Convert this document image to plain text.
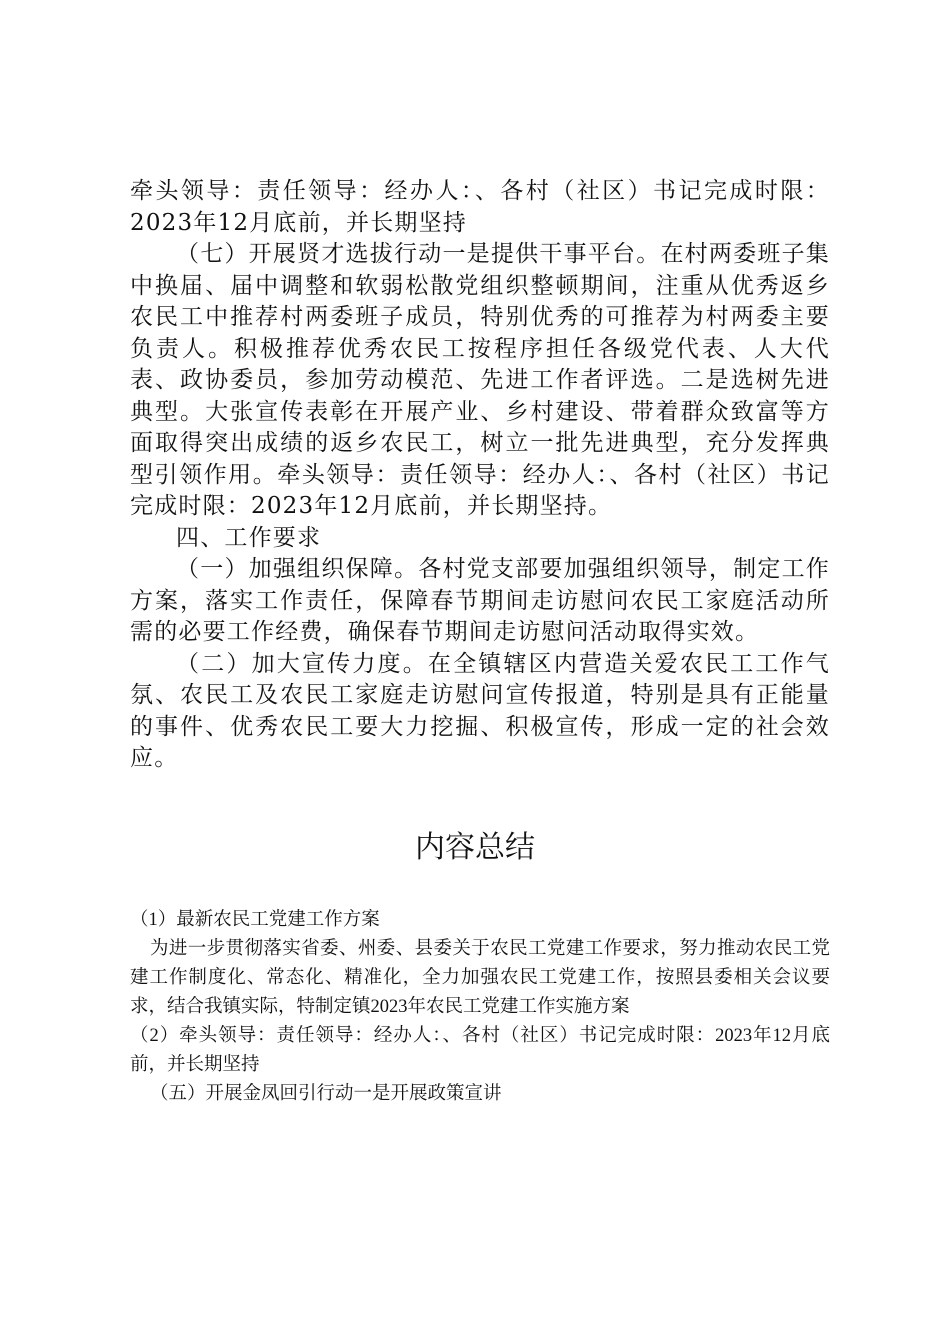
牵头领导：责任领导：经办人：、各村（社区）书记完成时限：2023年12月底前，并长期坚持

（七）开展贤才选拔行动一是提供干事平台。在村两委班子集中换届、届中调整和软弱松散党组织整顿期间，注重从优秀返乡农民工中推荐村两委班子成员，特别优秀的可推荐为村两委主要负责人。积极推荐优秀农民工按程序担任各级党代表、人大代表、政协委员，参加劳动模范、先进工作者评选。二是选树先进典型。大张宣传表彰在开展产业、乡村建设、带着群众致富等方面取得突出成绩的返乡农民工，树立一批先进典型，充分发挥典型引领作用。牵头领导：责任领导：经办人：、各村（社区）书记完成时限：2023年12月底前，并长期坚持。

四、工作要求

（一）加强组织保障。各村党支部要加强组织领导，制定工作方案，落实工作责任，保障春节期间走访慰问农民工家庭活动所需的必要工作经费，确保春节期间走访慰问活动取得实效。

（二）加大宣传力度。在全镇辖区内营造关爱农民工工作气氛、农民工及农民工家庭走访慰问宣传报道，特别是具有正能量的事件、优秀农民工要大力挖掘、积极宣传，形成一定的社会效应。

内容总结

（1）最新农民工党建工作方案

为进一步贯彻落实省委、州委、县委关于农民工党建工作要求，努力推动农民工党建工作制度化、常态化、精准化，全力加强农民工党建工作，按照县委相关会议要求，结合我镇实际，特制定镇2023年农民工党建工作实施方案

（2）牵头领导：责任领导：经办人：、各村（社区）书记完成时限：2023年12月底前，并长期坚持

（五）开展金凤回引行动一是开展政策宣讲
